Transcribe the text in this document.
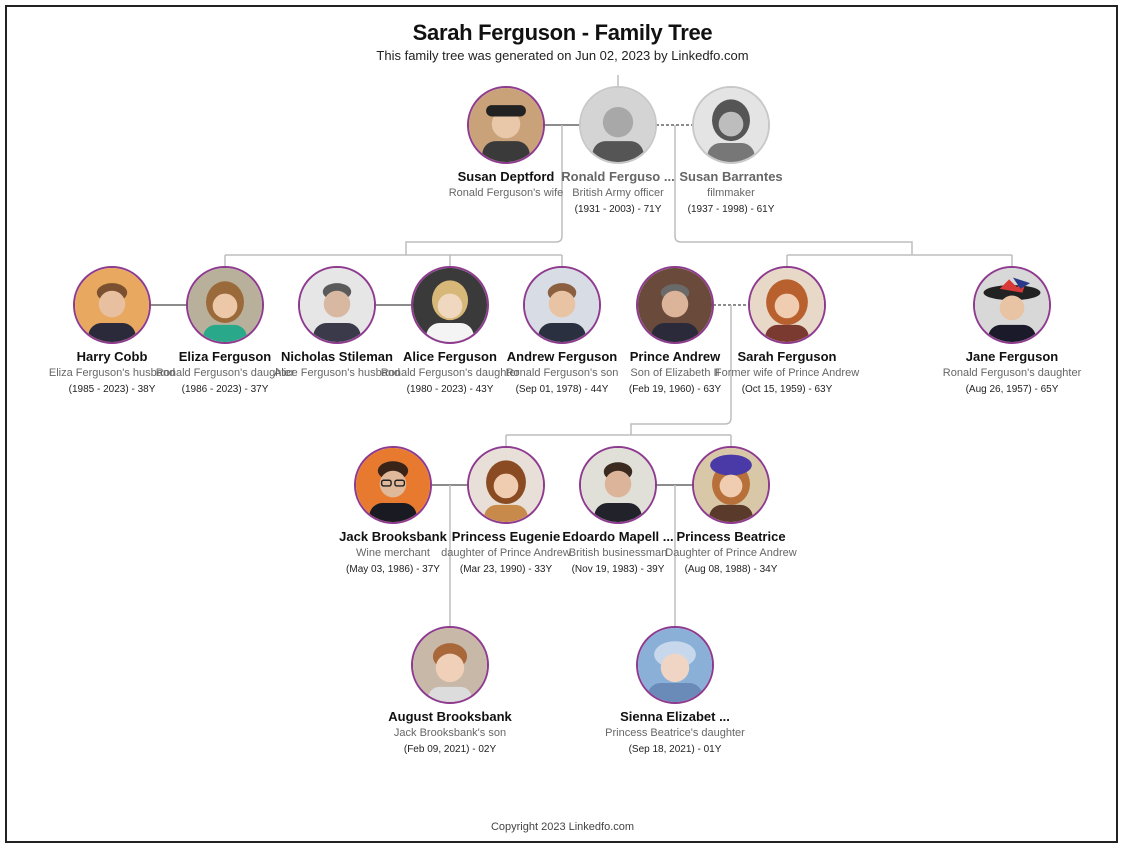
Sarah Ferguson - Family Tree
This family tree was generated on Jun 02, 2023 by Linkedfo.com
Susan Deptford
Ronald Ferguson's wife
Ronald Ferguso ...
British Army officer
(1931 - 2003) - 71Y
Susan Barrantes
filmmaker
(1937 - 1998) - 61Y
Harry Cobb
Eliza Ferguson's husband
(1985 - 2023) - 38Y
Eliza Ferguson
Ronald Ferguson's daughter
(1986 - 2023) - 37Y
Nicholas Stileman
Alice Ferguson's husband
Alice Ferguson
Ronald Ferguson's daughter
(1980 - 2023) - 43Y
Andrew Ferguson
Ronald Ferguson's son
(Sep 01, 1978) - 44Y
Prince Andrew
Son of Elizabeth II
(Feb 19, 1960) - 63Y
Sarah Ferguson
Former wife of Prince Andrew
(Oct 15, 1959) - 63Y
Jane Ferguson
Ronald Ferguson's daughter
(Aug 26, 1957) - 65Y
Jack Brooksbank
Wine merchant
(May 03, 1986) - 37Y
Princess Eugenie
daughter of Prince Andrew
(Mar 23, 1990) - 33Y
Edoardo Mapell ...
British businessman
(Nov 19, 1983) - 39Y
Princess Beatrice
Daughter of Prince Andrew
(Aug 08, 1988) - 34Y
August Brooksbank
Jack Brooksbank's son
(Feb 09, 2021) - 02Y
Sienna Elizabet ...
Princess Beatrice's daughter
(Sep 18, 2021) - 01Y
Copyright 2023 Linkedfo.com
